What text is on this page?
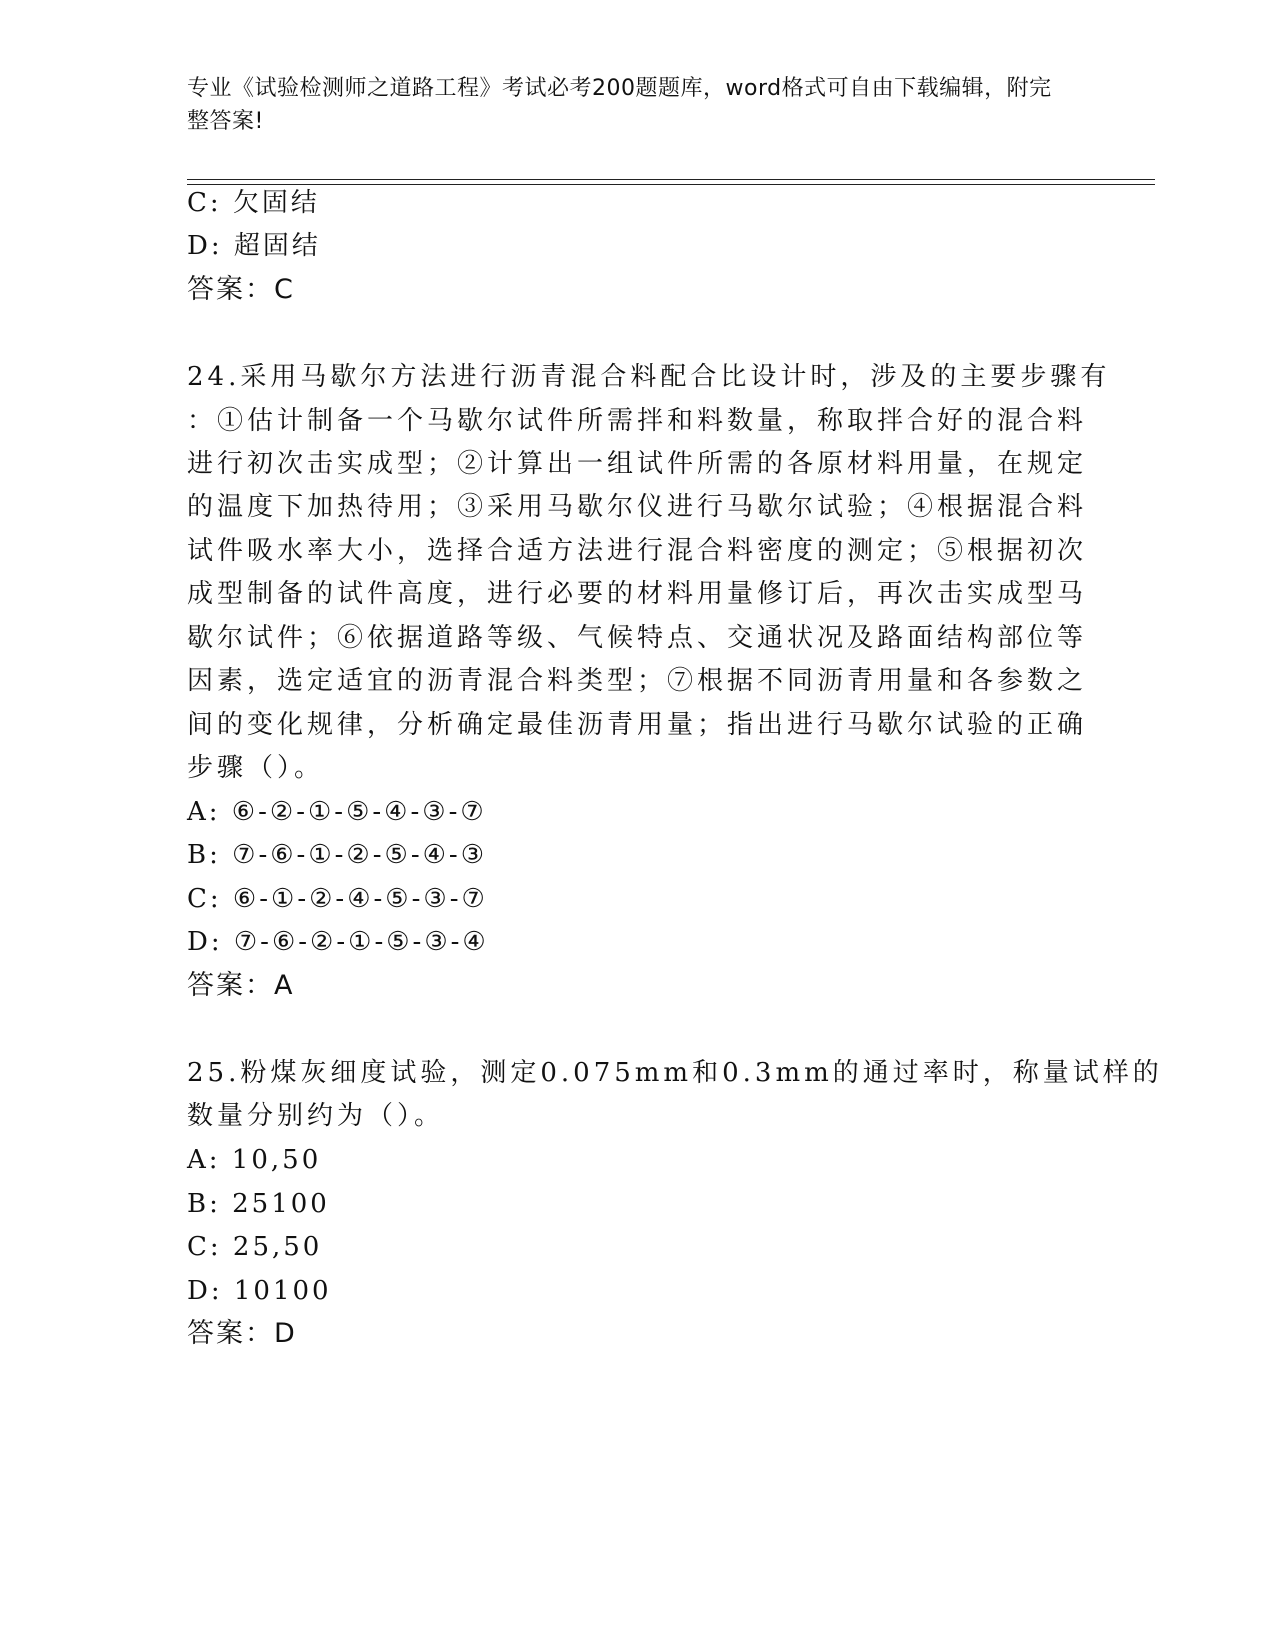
专业《试验检测师之道路工程》考试必考200题题库，word格式可自由下载编辑，附完整答案!
C: 欠固结
D: 超固结
答案：C
24.采用马歇尔方法进行沥青混合料配合比设计时，涉及的主要步骤有
：①估计制备一个马歇尔试件所需拌和料数量，称取拌合好的混合料
进行初次击实成型；②计算出一组试件所需的各原材料用量，在规定
的温度下加热待用；③采用马歇尔仪进行马歇尔试验；④根据混合料
试件吸水率大小，选择合适方法进行混合料密度的测定；⑤根据初次
成型制备的试件高度，进行必要的材料用量修订后，再次击实成型马
歇尔试件；⑥依据道路等级、气候特点、交通状况及路面结构部位等
因素，选定适宜的沥青混合料类型；⑦根据不同沥青用量和各参数之
间的变化规律，分析确定最佳沥青用量；指出进行马歇尔试验的正确
步骤（）。
A: ⑥-②-①-⑤-④-③-⑦
B: ⑦-⑥-①-②-⑤-④-③
C: ⑥-①-②-④-⑤-③-⑦
D: ⑦-⑥-②-①-⑤-③-④
答案：A
25.粉煤灰细度试验，测定0.075mm和0.3mm的通过率时，称量试样的
数量分别约为（）。
A: 10,50
B: 25100
C: 25,50
D: 10100
答案：D
